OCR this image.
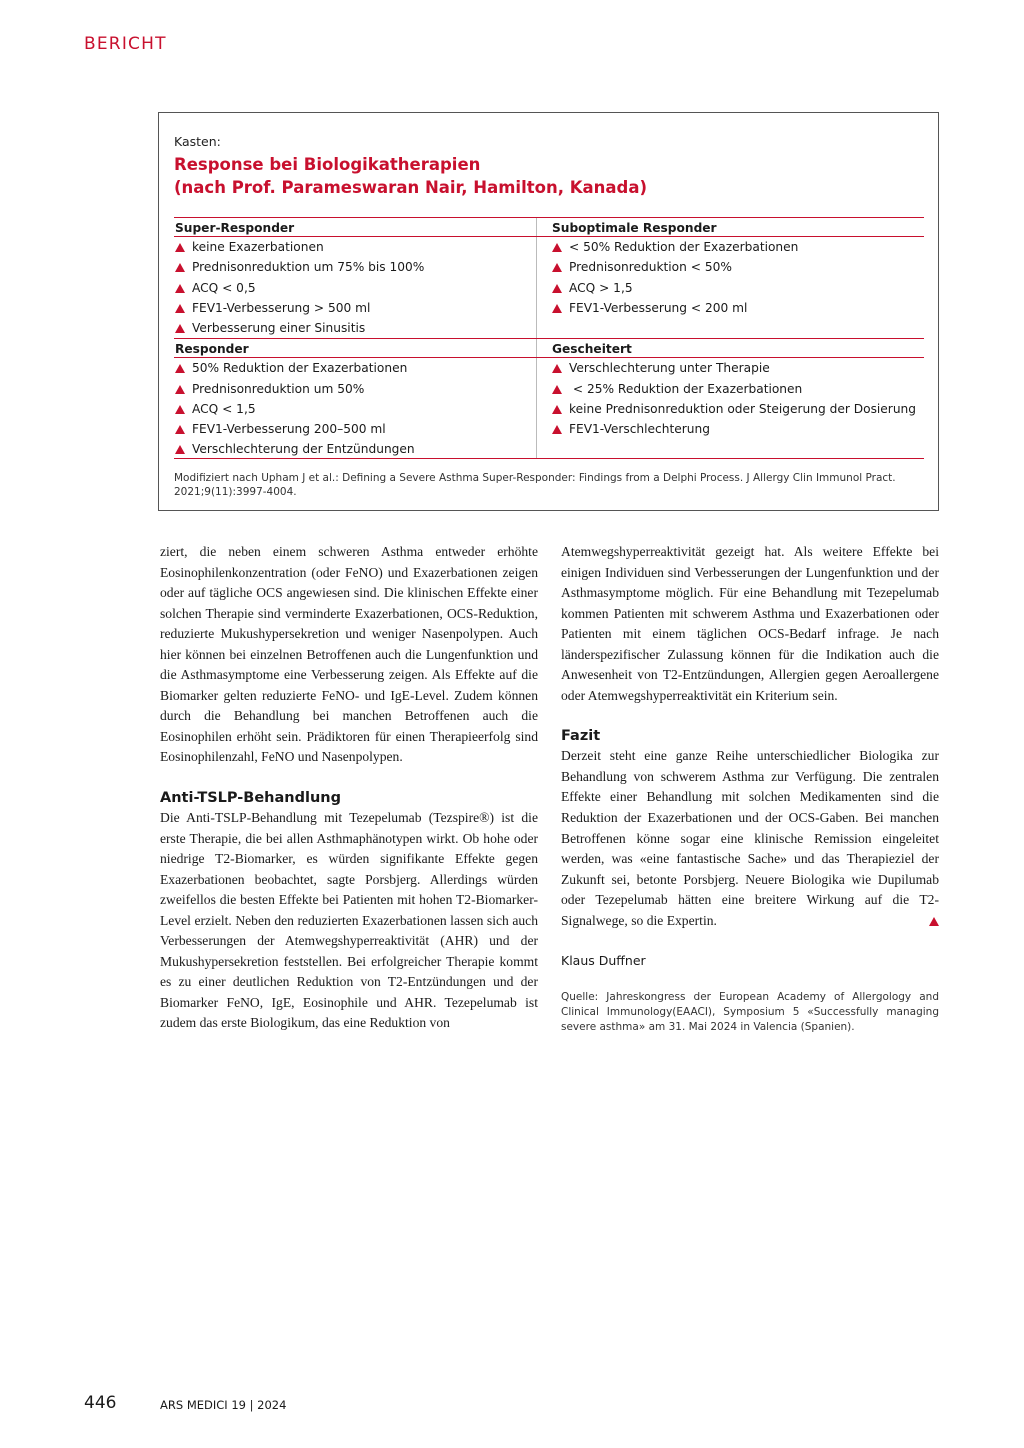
BERICHT
Kasten:
Response bei Biologikatherapien
(nach Prof. Parameswaran Nair, Hamilton, Kanada)
Super-Responder	Suboptimale Responder
keine Exazerbationen	< 50% Reduktion der Exazerbationen
Prednisonreduktion um 75% bis 100%	Prednisonreduktion < 50%
ACQ < 0,5	ACQ > 1,5
FEV1-Verbesserung > 500 ml	FEV1-Verbesserung < 200 ml
Verbesserung einer Sinusitis
Responder	Gescheitert
50% Reduktion der Exazerbationen	Verschlechterung unter Therapie
Prednisonreduktion um 50%	< 25% Reduktion der Exazerbationen
ACQ < 1,5	keine Prednisonreduktion oder Steigerung der Dosierung
FEV1-Verbesserung 200–500 ml	FEV1-Verschlechterung
Verschlechterung der Entzündungen
Modifiziert nach Upham J et al.: Defining a Severe Asthma Super-Responder: Findings from a Delphi Process. J Allergy Clin Immunol Pract. 2021;9(11):3997-4004.

ziert, die neben einem schweren Asthma entweder erhöhte Eosinophilenkonzentration (oder FeNO) und Exazerbationen zeigen oder auf tägliche OCS angewiesen sind. Die klinischen Effekte einer solchen Therapie sind verminderte Exazerbationen, OCS-Reduktion, reduzierte Mukushypersekretion und weniger Nasenpolypen. Auch hier können bei einzelnen Betroffenen auch die Lungenfunktion und die Asthmasymptome eine Verbesserung zeigen. Als Effekte auf die Biomarker gelten reduzierte FeNO- und IgE-Level. Zudem können durch die Behandlung bei manchen Betroffenen auch die Eosinophilen erhöht sein. Prädiktoren für einen Therapieerfolg sind Eosinophilenzahl, FeNO und Nasenpolypen.

Anti-TSLP-Behandlung

Die Anti-TSLP-Behandlung mit Tezepelumab (Tezspire®) ist die erste Therapie, die bei allen Asthmaphänotypen wirkt. Ob hohe oder niedrige T2-Biomarker, es würden signifikante Effekte gegen Exazerbationen beobachtet, sagte Porsbjerg. Allerdings würden zweifellos die besten Effekte bei Patienten mit hohen T2-Biomarker-Level erzielt. Neben den reduzierten Exazerbationen lassen sich auch Verbesserungen der Atemwegshyperreaktivität (AHR) und der Mukushypersekretion feststellen. Bei erfolgreicher Therapie kommt es zu einer deutlichen Reduktion von T2-Entzündungen und der Biomarker FeNO, IgE, Eosinophile und AHR. Tezepelumab ist zudem das erste Biologikum, das eine Reduktion von

Atemwegshyperreaktivität gezeigt hat. Als weitere Effekte bei einigen Individuen sind Verbesserungen der Lungenfunktion und der Asthmasymptome möglich. Für eine Behandlung mit Tezepelumab kommen Patienten mit schwerem Asthma und Exazerbationen oder Patienten mit einem täglichen OCS-Bedarf infrage. Je nach länderspezifischer Zulassung können für die Indikation auch die Anwesenheit von T2-Entzündungen, Allergien gegen Aeroallergene oder Atemwegshyperreaktivität ein Kriterium sein.

Fazit

Derzeit steht eine ganze Reihe unterschiedlicher Biologika zur Behandlung von schwerem Asthma zur Verfügung. Die zentralen Effekte einer Behandlung mit solchen Medikamenten sind die Reduktion der Exazerbationen und der OCS-Gaben. Bei manchen Betroffenen könne sogar eine klinische Remission eingeleitet werden, was «eine fantastische Sache» und das Therapieziel der Zukunft sei, betonte Porsbjerg. Neuere Biologika wie Dupilumab oder Tezepelumab hätten eine breitere Wirkung auf die T2-Signalwege, so die Expertin.

Klaus Duffner
Quelle: Jahreskongress der European Academy of Allergology and Clinical Immunology(EAACI), Symposium 5 «Successfully managing severe asthma» am 31. Mai 2024 in Valencia (Spanien).
446	ARS MEDICI 19 | 2024
